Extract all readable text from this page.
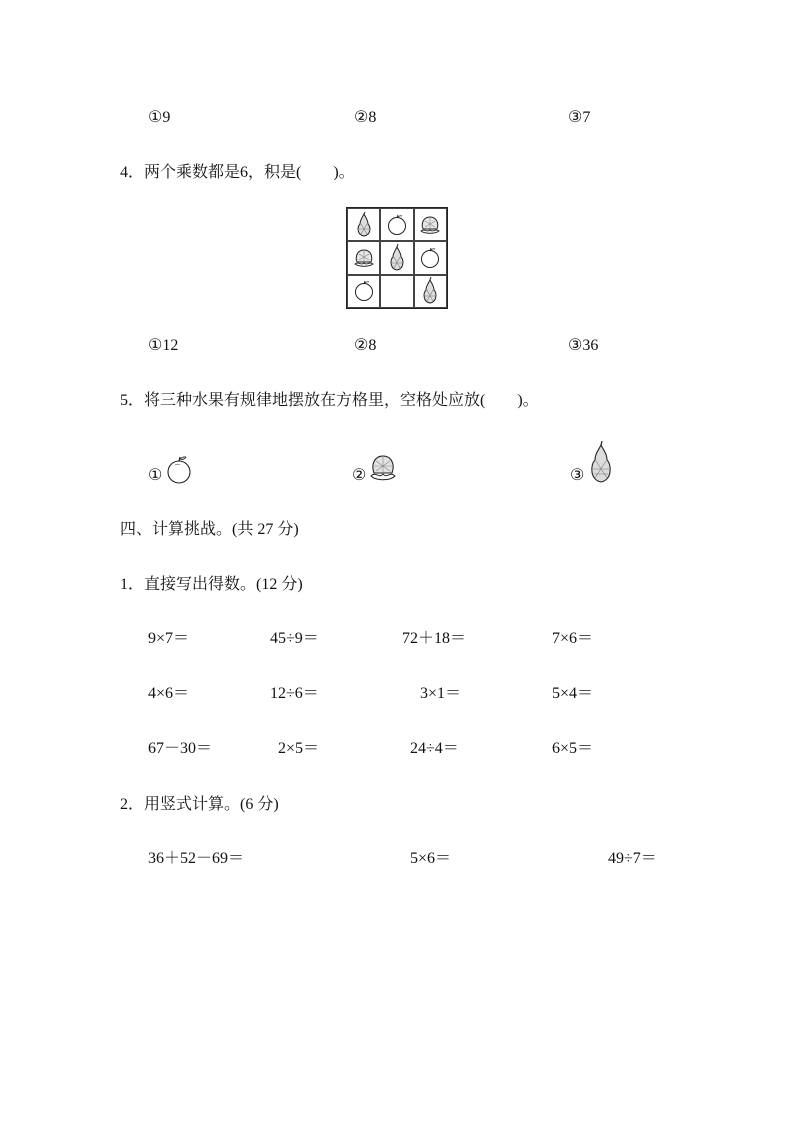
①9	②8	③7
4．两个乘数都是6，积是(　　)。
①12	②8	③36
5．将三种水果有规律地摆放在方格里，空格处应放(　　)。
①	②	③
四、计算挑战。(共 27 分)
1．直接写出得数。(12 分)
9×7＝	45÷9＝	72＋18＝	7×6＝
4×6＝	12÷6＝	3×1＝	5×4＝
67－30＝	2×5＝	24÷4＝	6×5＝
2．用竖式计算。(6 分)
36＋52－69＝	5×6＝	49÷7＝
